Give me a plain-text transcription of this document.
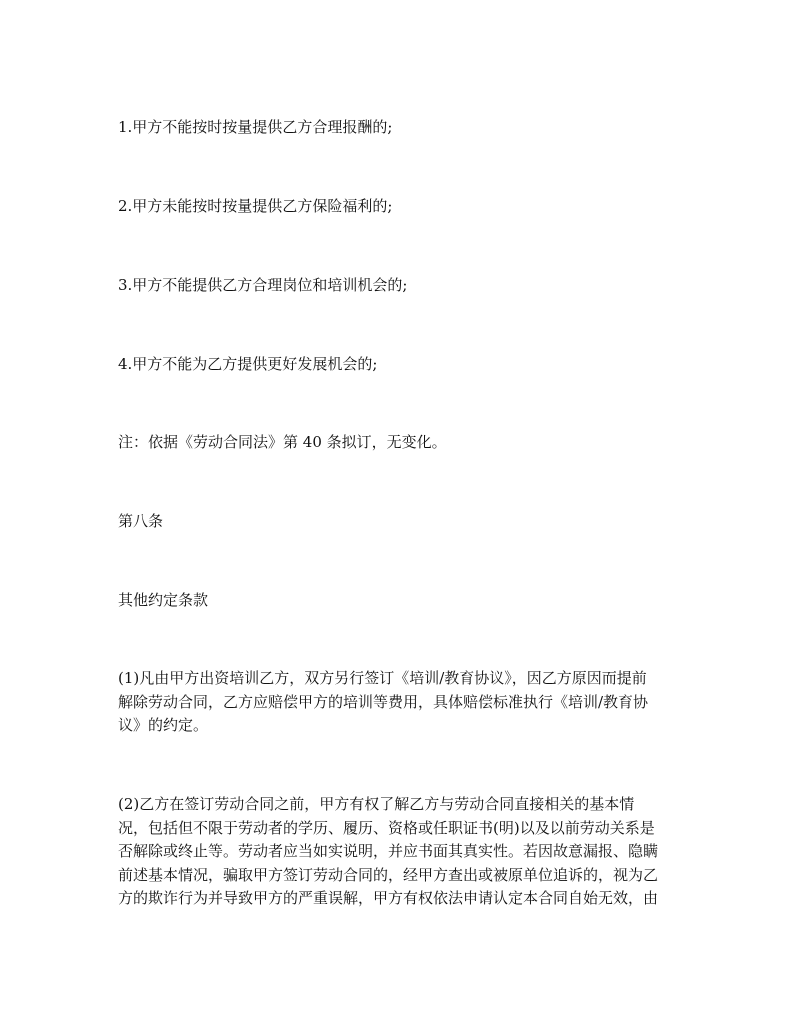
1.甲方不能按时按量提供乙方合理报酬的;

2.甲方未能按时按量提供乙方保险福利的;

3.甲方不能提供乙方合理岗位和培训机会的;

4.甲方不能为乙方提供更好发展机会的;

注：依据《劳动合同法》第 40 条拟订，无变化。

第八条

其他约定条款

(1)凡由甲方出资培训乙方，双方另行签订《培训/教育协议》，因乙方原因而提前
解除劳动合同，乙方应赔偿甲方的培训等费用，具体赔偿标准执行《培训/教育协
议》的约定。
(2)乙方在签订劳动合同之前，甲方有权了解乙方与劳动合同直接相关的基本情
况，包括但不限于劳动者的学历、履历、资格或任职证书(明)以及以前劳动关系是
否解除或终止等。劳动者应当如实说明，并应书面其真实性。若因故意漏报、隐瞒
前述基本情况，骗取甲方签订劳动合同的，经甲方查出或被原单位追诉的，视为乙
方的欺诈行为并导致甲方的严重误解，甲方有权依法申请认定本合同自始无效，由
